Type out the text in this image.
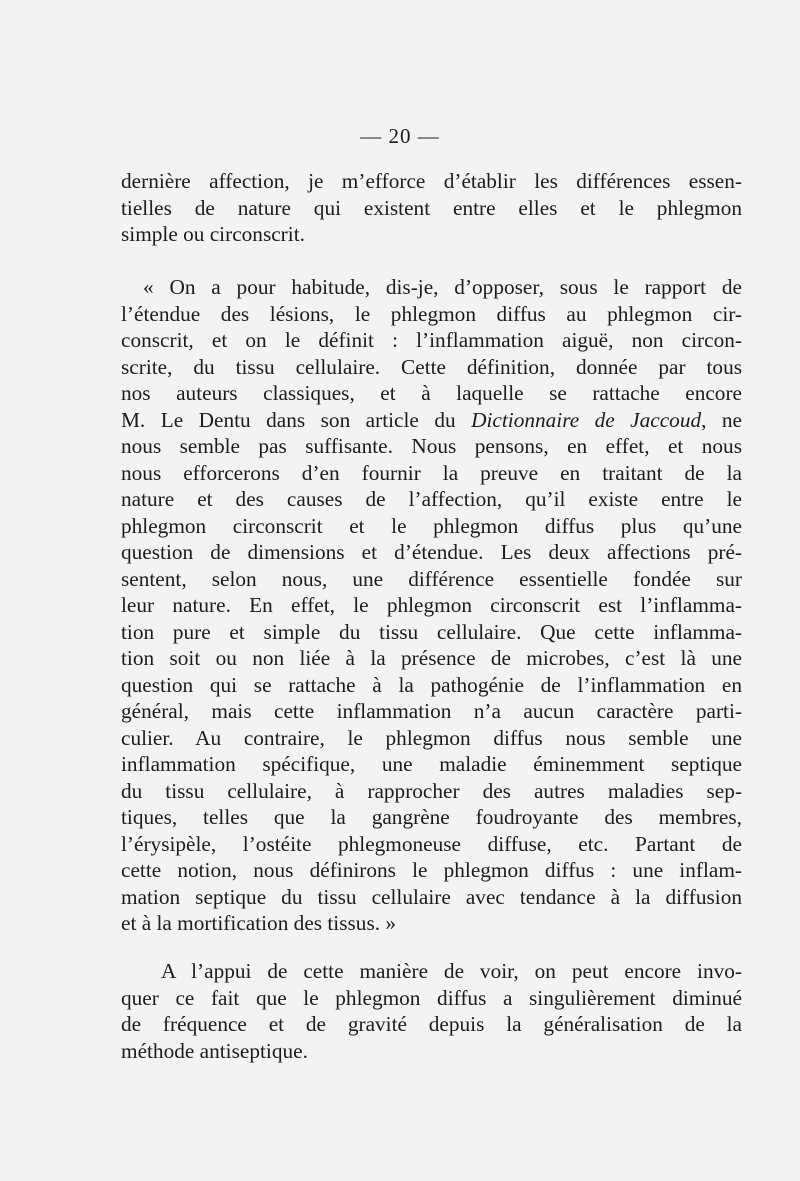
— 20 —
dernière affection, je m’efforce d’établir les différences essen-
tielles de nature qui existent entre elles et le phlegmon
simple ou circonscrit.
« On a pour habitude, dis-je, d’opposer, sous le rapport de
l’étendue des lésions, le phlegmon diffus au phlegmon cir-
conscrit, et on le définit : l’inflammation aiguë, non circon-
scrite, du tissu cellulaire. Cette définition, donnée par tous
nos auteurs classiques, et à laquelle se rattache encore
M. Le Dentu dans son article du Dictionnaire de Jaccoud, ne
nous semble pas suffisante. Nous pensons, en effet, et nous
nous efforcerons d’en fournir la preuve en traitant de la
nature et des causes de l’affection, qu’il existe entre le
phlegmon circonscrit et le phlegmon diffus plus qu’une
question de dimensions et d’étendue. Les deux affections pré-
sentent, selon nous, une différence essentielle fondée sur
leur nature. En effet, le phlegmon circonscrit est l’inflamma-
tion pure et simple du tissu cellulaire. Que cette inflamma-
tion soit ou non liée à la présence de microbes, c’est là une
question qui se rattache à la pathogénie de l’inflammation en
général, mais cette inflammation n’a aucun caractère parti-
culier. Au contraire, le phlegmon diffus nous semble une
inflammation spécifique, une maladie éminemment septique
du tissu cellulaire, à rapprocher des autres maladies sep-
tiques, telles que la gangrène foudroyante des membres,
l’érysipèle, l’ostéite phlegmoneuse diffuse, etc. Partant de
cette notion, nous définirons le phlegmon diffus : une inflam-
mation septique du tissu cellulaire avec tendance à la diffusion
et à la mortification des tissus. »
A l’appui de cette manière de voir, on peut encore invo-
quer ce fait que le phlegmon diffus a singulièrement diminué
de fréquence et de gravité depuis la généralisation de la
méthode antiseptique.
